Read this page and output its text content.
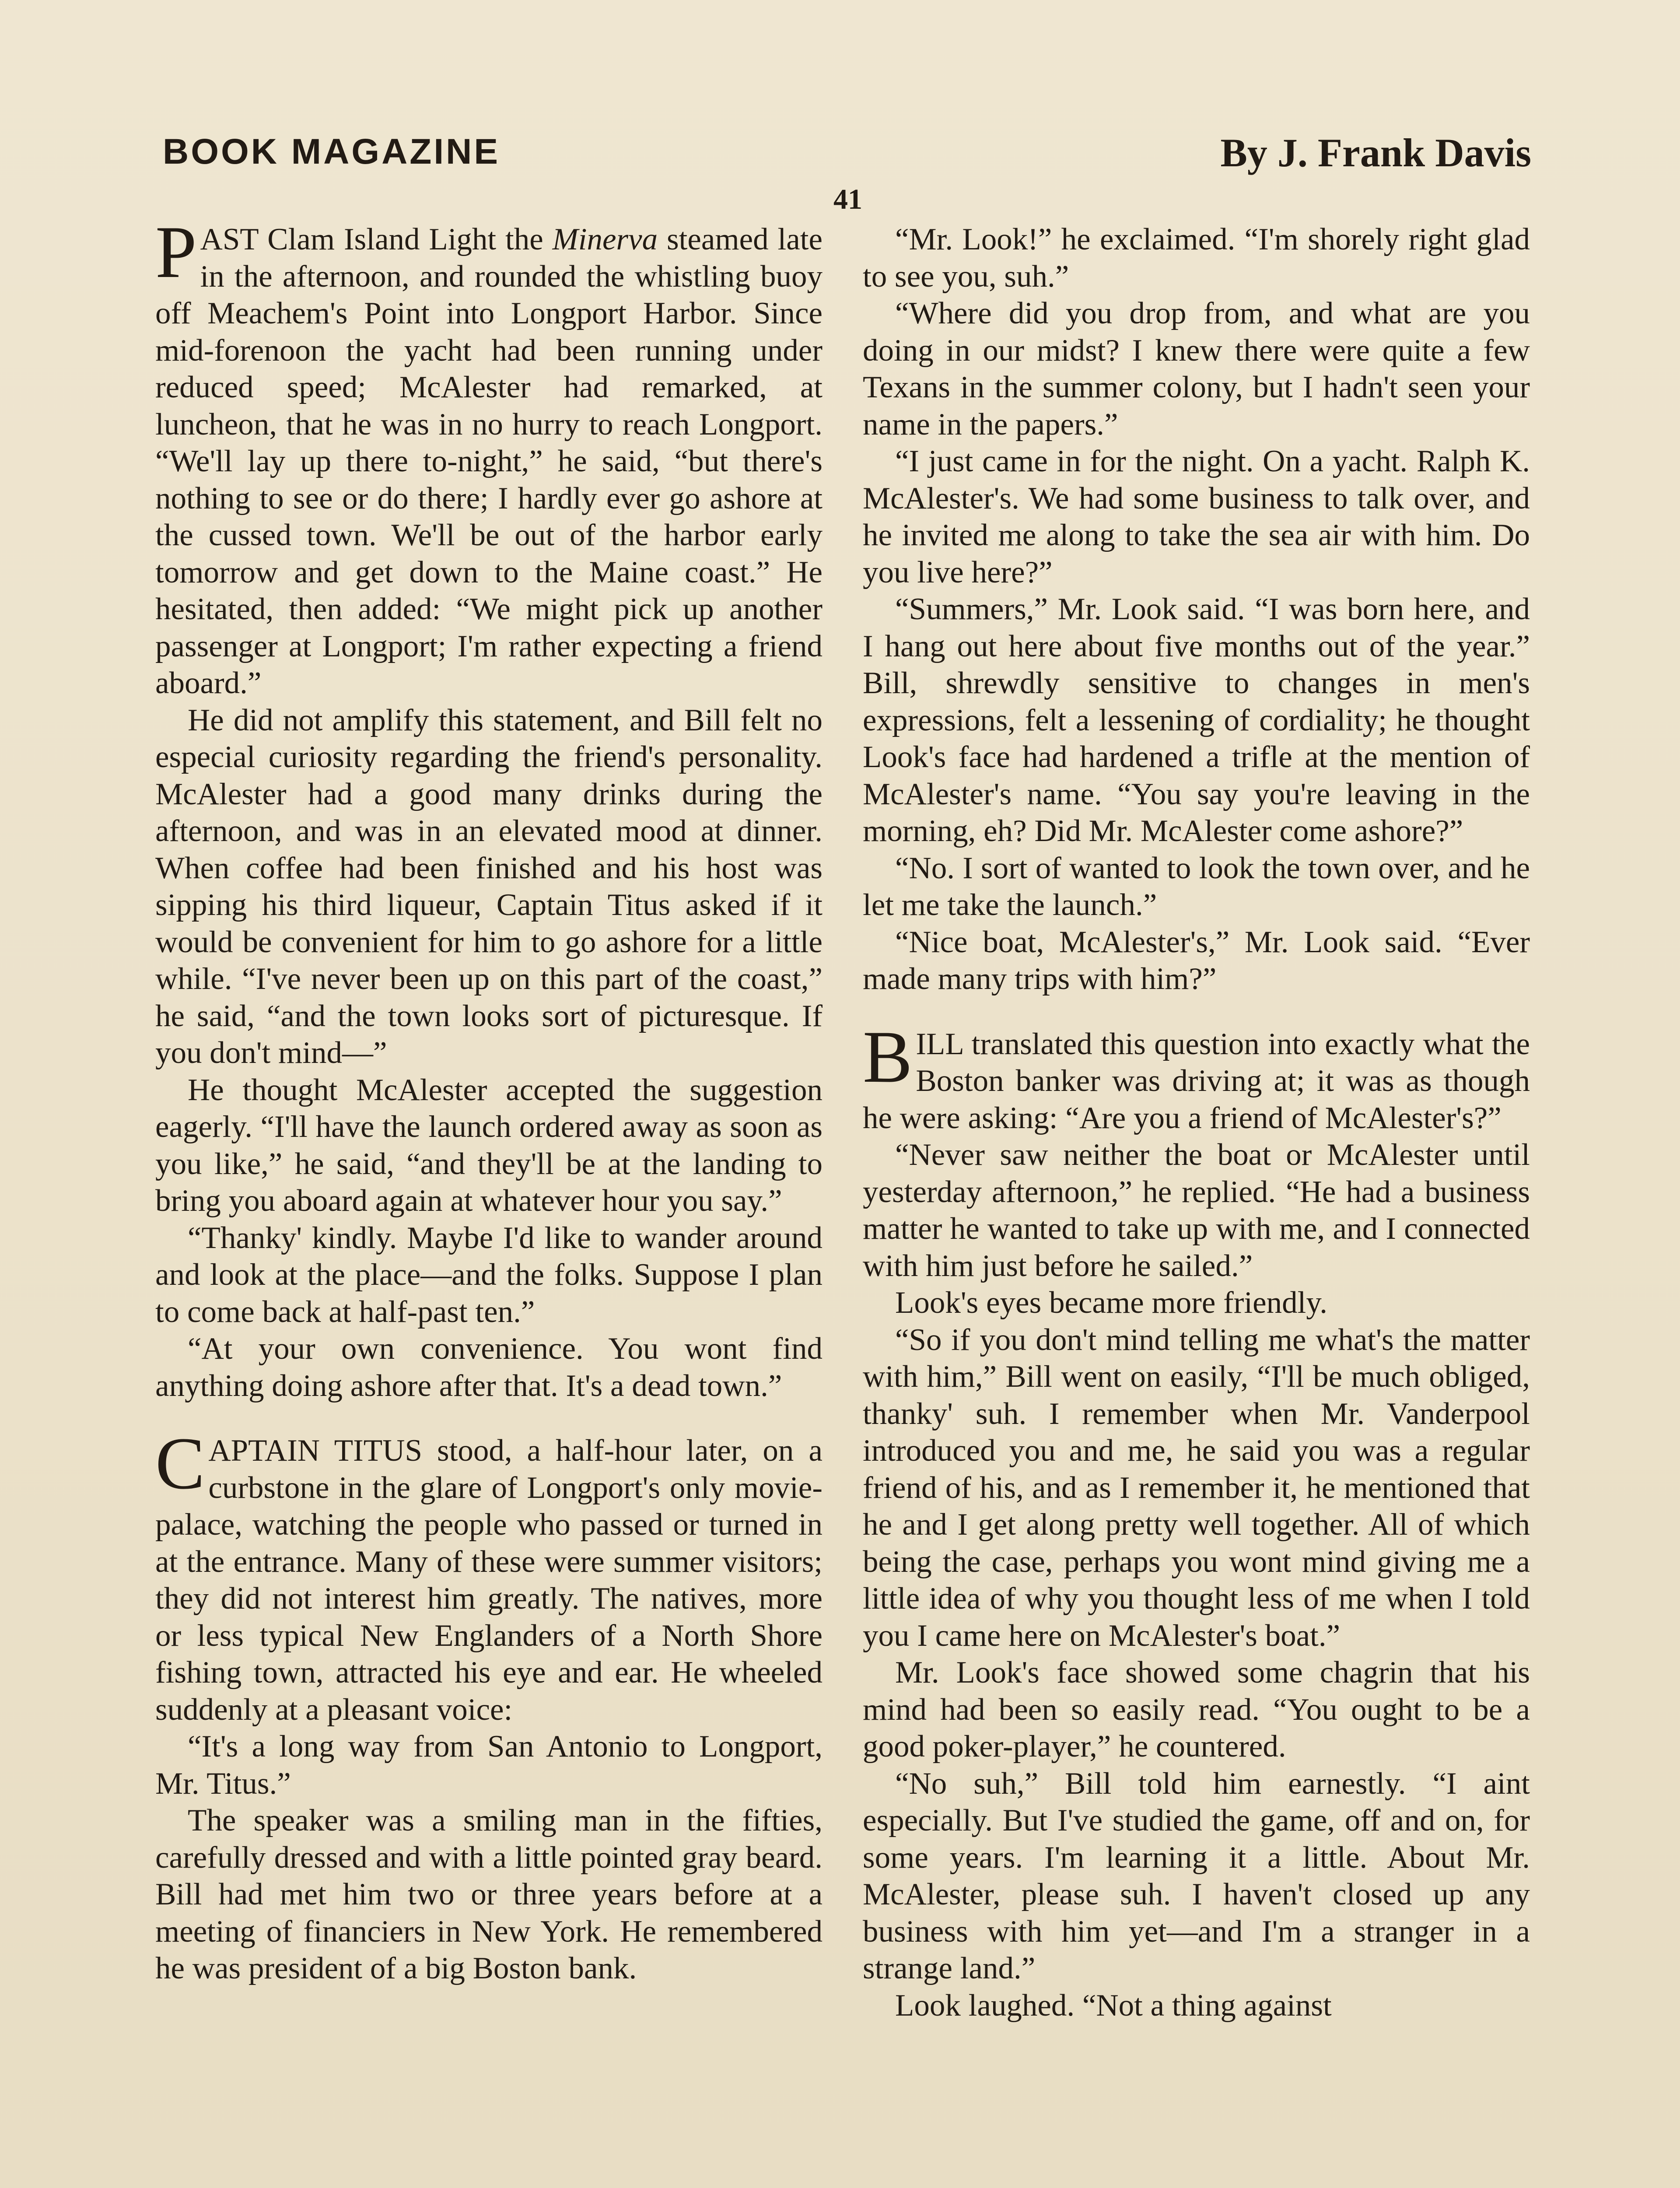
BOOK MAGAZINE	By J. Frank Davis
41

PAST Clam Island Light the Minerva steamed late in the afternoon, and rounded the whistling buoy off Meachem's Point into Longport Harbor. Since mid-forenoon the yacht had been running under reduced speed; McAlester had remarked, at luncheon, that he was in no hurry to reach Longport. “We'll lay up there to-night,” he said, “but there's nothing to see or do there; I hardly ever go ashore at the cussed town. We'll be out of the harbor early tomorrow and get down to the Maine coast.” He hesitated, then added: “We might pick up another passenger at Longport; I'm rather expecting a friend aboard.”

He did not amplify this statement, and Bill felt no especial curiosity regarding the friend's personality. McAlester had a good many drinks during the afternoon, and was in an elevated mood at dinner. When coffee had been finished and his host was sipping his third liqueur, Captain Titus asked if it would be convenient for him to go ashore for a little while. “I've never been up on this part of the coast,” he said, “and the town looks sort of picturesque. If you don't mind—”

He thought McAlester accepted the suggestion eagerly. “I'll have the launch ordered away as soon as you like,” he said, “and they'll be at the landing to bring you aboard again at whatever hour you say.”

“Thanky' kindly. Maybe I'd like to wander around and look at the place—and the folks. Suppose I plan to come back at half-past ten.”

“At your own convenience. You wont find anything doing ashore after that. It's a dead town.”

CAPTAIN TITUS stood, a half-hour later, on a curbstone in the glare of Longport's only movie-palace, watching the people who passed or turned in at the entrance. Many of these were summer visitors; they did not interest him greatly. The natives, more or less typical New Englanders of a North Shore fishing town, attracted his eye and ear. He wheeled suddenly at a pleasant voice:

“It's a long way from San Antonio to Longport, Mr. Titus.”

The speaker was a smiling man in the fifties, carefully dressed and with a little pointed gray beard. Bill had met him two or three years before at a meeting of financiers in New York. He remembered he was president of a big Boston bank.

“Mr. Look!” he exclaimed. “I'm shorely right glad to see you, suh.”

“Where did you drop from, and what are you doing in our midst? I knew there were quite a few Texans in the summer colony, but I hadn't seen your name in the papers.”

“I just came in for the night. On a yacht. Ralph K. McAlester's. We had some business to talk over, and he invited me along to take the sea air with him. Do you live here?”

“Summers,” Mr. Look said. “I was born here, and I hang out here about five months out of the year.” Bill, shrewdly sensitive to changes in men's expressions, felt a lessening of cordiality; he thought Look's face had hardened a trifle at the mention of McAlester's name. “You say you're leaving in the morning, eh? Did Mr. McAlester come ashore?”

“No. I sort of wanted to look the town over, and he let me take the launch.”

“Nice boat, McAlester's,” Mr. Look said. “Ever made many trips with him?”

BILL translated this question into exactly what the Boston banker was driving at; it was as though he were asking: “Are you a friend of McAlester's?”

“Never saw neither the boat or McAlester until yesterday afternoon,” he replied. “He had a business matter he wanted to take up with me, and I connected with him just before he sailed.”

Look's eyes became more friendly.

“So if you don't mind telling me what's the matter with him,” Bill went on easily, “I'll be much obliged, thanky' suh. I remember when Mr. Vanderpool introduced you and me, he said you was a regular friend of his, and as I remember it, he mentioned that he and I get along pretty well together. All of which being the case, perhaps you wont mind giving me a little idea of why you thought less of me when I told you I came here on McAlester's boat.”

Mr. Look's face showed some chagrin that his mind had been so easily read. “You ought to be a good poker-player,” he countered.

“No suh,” Bill told him earnestly. “I aint especially. But I've studied the game, off and on, for some years. I'm learning it a little. About Mr. McAlester, please suh. I haven't closed up any business with him yet—and I'm a stranger in a strange land.”

Look laughed. “Not a thing against
